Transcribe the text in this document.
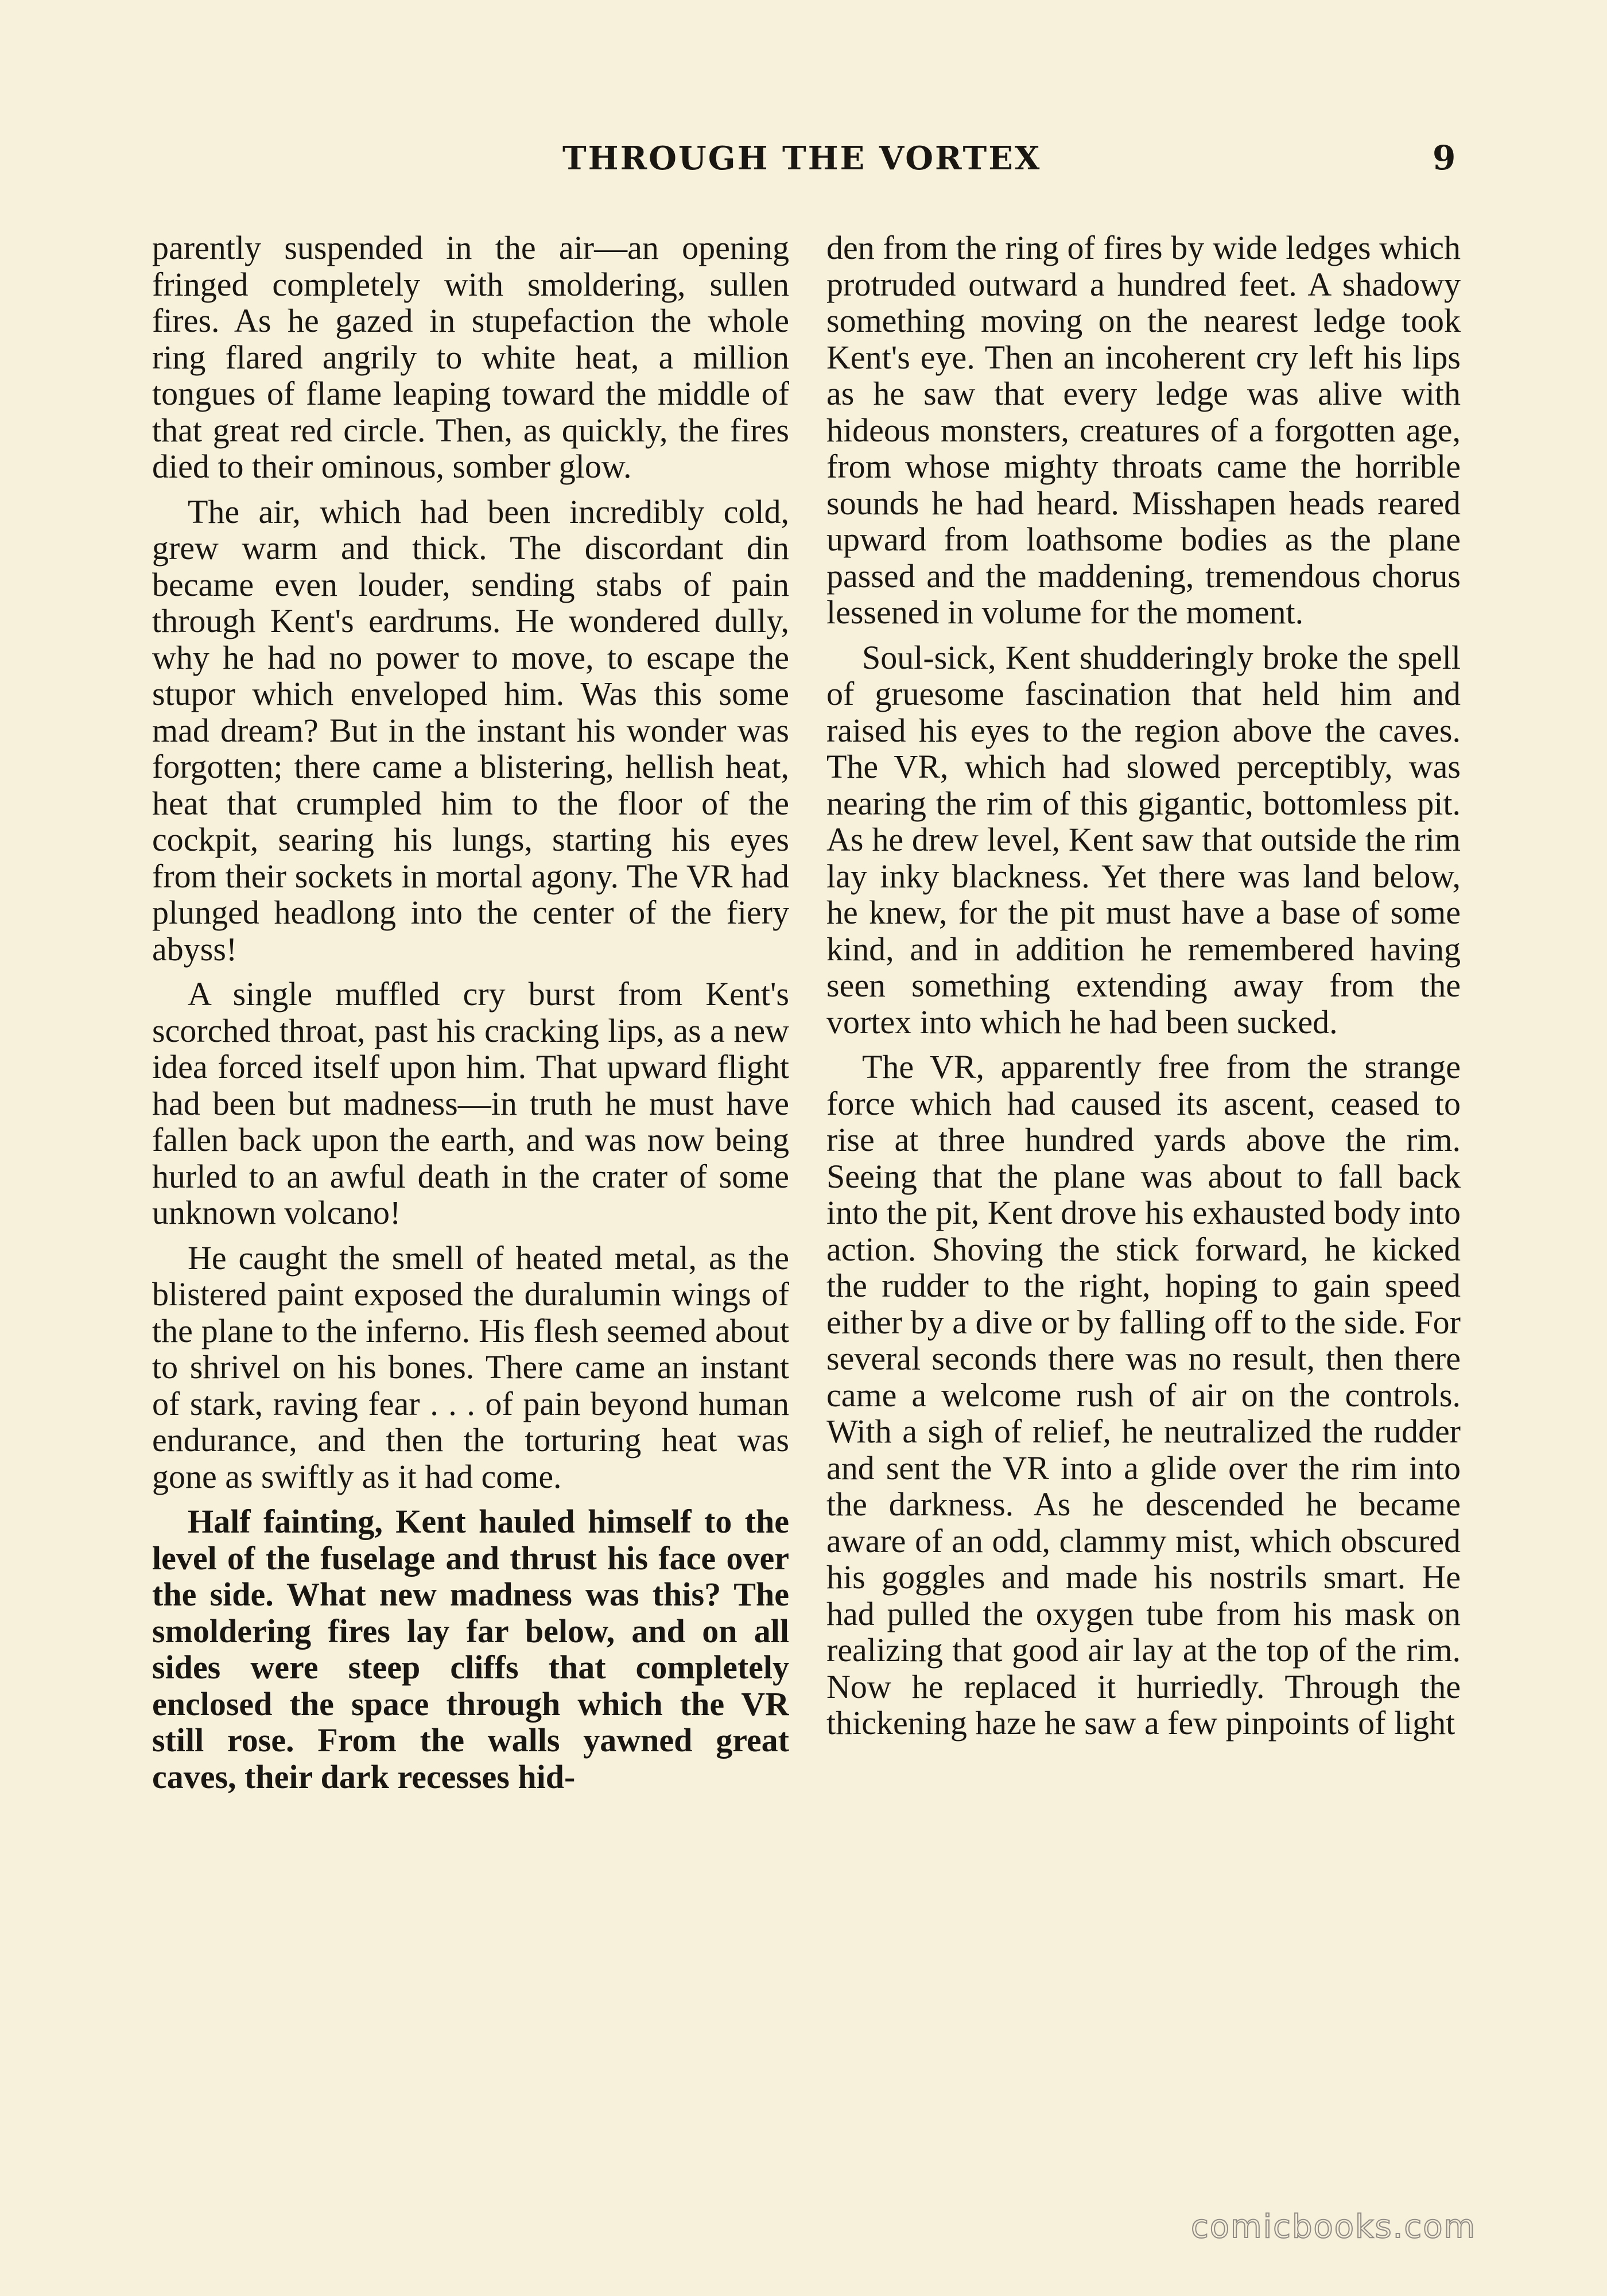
THROUGH THE VORTEX	9

parently suspended in the air—an opening fringed completely with smoldering, sullen fires. As he gazed in stupefaction the whole ring flared angrily to white heat, a million tongues of flame leaping toward the middle of that great red circle. Then, as quickly, the fires died to their ominous, somber glow.

The air, which had been incredibly cold, grew warm and thick. The discordant din became even louder, sending stabs of pain through Kent's eardrums. He wondered dully, why he had no power to move, to escape the stupor which enveloped him. Was this some mad dream? But in the instant his wonder was forgotten; there came a blistering, hellish heat, heat that crumpled him to the floor of the cockpit, searing his lungs, starting his eyes from their sockets in mortal agony. The VR had plunged headlong into the center of the fiery abyss!

A single muffled cry burst from Kent's scorched throat, past his cracking lips, as a new idea forced itself upon him. That upward flight had been but madness—in truth he must have fallen back upon the earth, and was now being hurled to an awful death in the crater of some unknown volcano!

He caught the smell of heated metal, as the blistered paint exposed the duralumin wings of the plane to the inferno. His flesh seemed about to shrivel on his bones. There came an instant of stark, raving fear . . . of pain beyond human endurance, and then the torturing heat was gone as swiftly as it had come.

Half fainting, Kent hauled himself to the level of the fuselage and thrust his face over the side. What new madness was this? The smoldering fires lay far below, and on all sides were steep cliffs that completely enclosed the space through which the VR still rose. From the walls yawned great caves, their dark recesses hid-

den from the ring of fires by wide ledges which protruded outward a hundred feet. A shadowy something moving on the nearest ledge took Kent's eye. Then an incoherent cry left his lips as he saw that every ledge was alive with hideous monsters, creatures of a forgotten age, from whose mighty throats came the horrible sounds he had heard. Misshapen heads reared upward from loathsome bodies as the plane passed and the maddening, tremendous chorus lessened in volume for the moment.

Soul-sick, Kent shudderingly broke the spell of gruesome fascination that held him and raised his eyes to the region above the caves. The VR, which had slowed perceptibly, was nearing the rim of this gigantic, bottomless pit. As he drew level, Kent saw that outside the rim lay inky blackness. Yet there was land below, he knew, for the pit must have a base of some kind, and in addition he remembered having seen something extending away from the vortex into which he had been sucked.

The VR, apparently free from the strange force which had caused its ascent, ceased to rise at three hundred yards above the rim. Seeing that the plane was about to fall back into the pit, Kent drove his exhausted body into action. Shoving the stick forward, he kicked the rudder to the right, hoping to gain speed either by a dive or by falling off to the side. For several seconds there was no result, then there came a welcome rush of air on the controls. With a sigh of relief, he neutralized the rudder and sent the VR into a glide over the rim into the darkness. As he descended he became aware of an odd, clammy mist, which obscured his goggles and made his nostrils smart. He had pulled the oxygen tube from his mask on realizing that good air lay at the top of the rim. Now he replaced it hurriedly. Through the thickening haze he saw a few pinpoints of light

comicbooks.com
